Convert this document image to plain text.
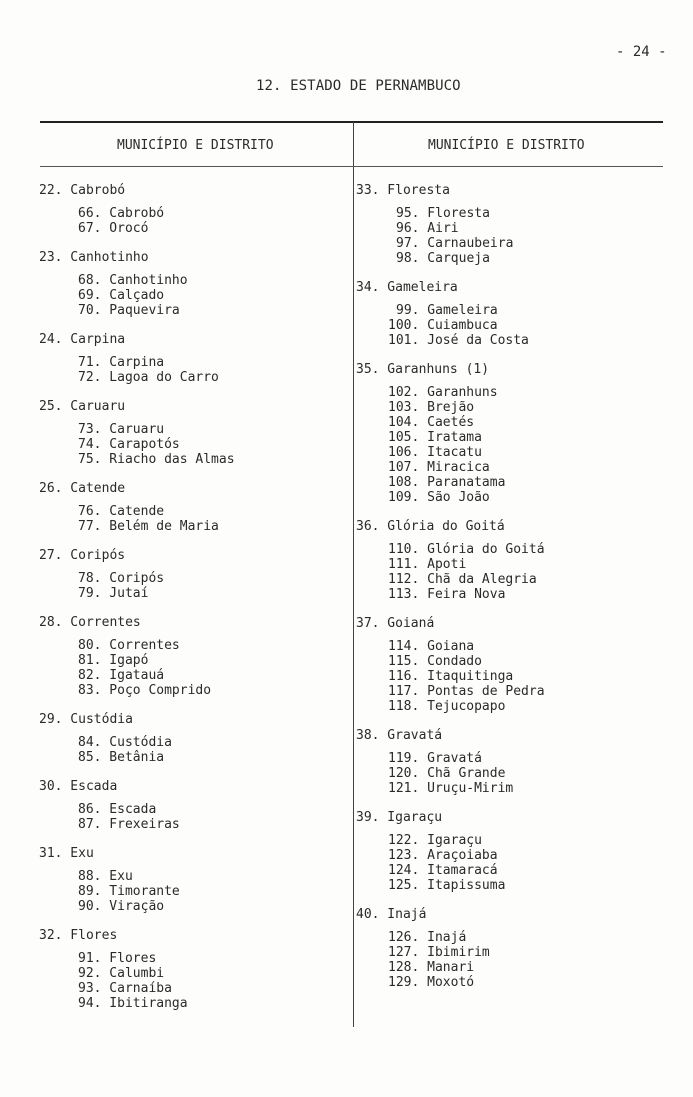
- 24 -
12. ESTADO DE PERNAMBUCO
MUNICÍPIO E DISTRITO	MUNICÍPIO E DISTRITO
22. Cabrobó
66. Cabrobó
67. Orocó
23. Canhotinho
68. Canhotinho
69. Calçado
70. Paquevira
24. Carpina
71. Carpina
72. Lagoa do Carro
25. Caruaru
73. Caruaru
74. Carapotós
75. Riacho das Almas
26. Catende
76. Catende
77. Belém de Maria
27. Coripós
78. Coripós
79. Jutaí
28. Correntes
80. Correntes
81. Igapó
82. Igatauá
83. Poço Comprido
29. Custódia
84. Custódia
85. Betânia
30. Escada
86. Escada
87. Frexeiras
31. Exu
88. Exu
89. Timorante
90. Viração
32. Flores
91. Flores
92. Calumbi
93. Carnaíba
94. Ibitiranga
33. Floresta
95. Floresta
96. Airi
97. Carnaubeira
98. Carqueja
34. Gameleira
99. Gameleira
100. Cuiambuca
101. José da Costa
35. Garanhuns (1)
102. Garanhuns
103. Brejão
104. Caetés
105. Iratama
106. Itacatu
107. Miracica
108. Paranatama
109. São João
36. Glória do Goitá
110. Glória do Goitá
111. Apoti
112. Chã da Alegria
113. Feira Nova
37. Goianá
114. Goiana
115. Condado
116. Itaquitinga
117. Pontas de Pedra
118. Tejucopapo
38. Gravatá
119. Gravatá
120. Chã Grande
121. Uruçu-Mirim
39. Igaraçu
122. Igaraçu
123. Araçoiaba
124. Itamaracá
125. Itapissuma
40. Inajá
126. Inajá
127. Ibimirim
128. Manari
129. Moxotó
